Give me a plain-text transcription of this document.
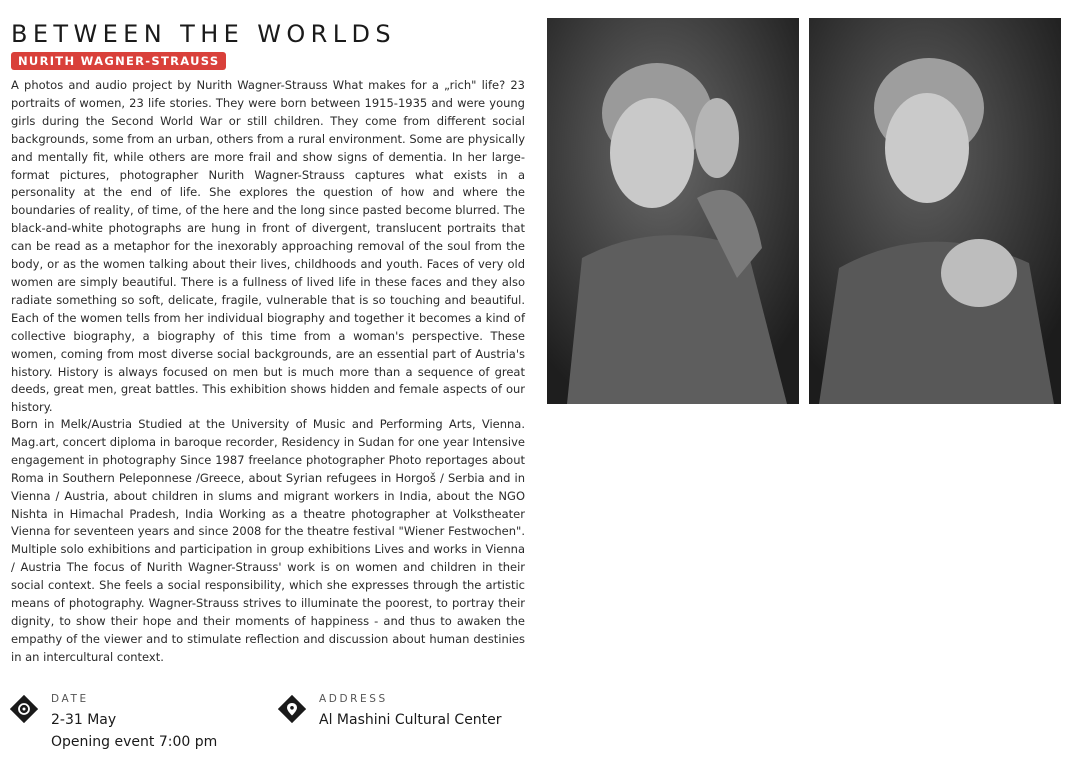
BETWEEN THE WORLDS
NURITH WAGNER-STRAUSS

A photos and audio project by Nurith Wagner-Strauss What makes for a „rich" life? 23 portraits of women, 23 life stories. They were born between 1915-1935 and were young girls during the Second World War or still children. They come from different social backgrounds, some from an urban, others from a rural environment. Some are physically and mentally fit, while others are more frail and show signs of dementia. In her large-format pictures, photographer Nurith Wagner-Strauss captures what exists in a personality at the end of life. She explores the question of how and where the boundaries of reality, of time, of the here and the long since pasted become blurred. The black-and-white photographs are hung in front of divergent, translucent portraits that can be read as a metaphor for the inexorably approaching removal of the soul from the body, or as the women talking about their lives, childhoods and youth. Faces of very old women are simply beautiful. There is a fullness of lived life in these faces and they also radiate something so soft, delicate, fragile, vulnerable that is so touching and beautiful. Each of the women tells from her individual biography and together it becomes a kind of collective biography, a biography of this time from a woman's perspective. These women, coming from most diverse social backgrounds, are an essential part of Austria's history. History is always focused on men but is much more than a sequence of great deeds, great men, great battles. This exhibition shows hidden and female aspects of our history.

Born in Melk/Austria Studied at the University of Music and Performing Arts, Vienna. Mag.art, concert diploma in baroque recorder, Residency in Sudan for one year Intensive engagement in photography Since 1987 freelance photographer Photo reportages about Roma in Southern Peleponnese /Greece, about Syrian refugees in Horgoš / Serbia and in Vienna / Austria, about children in slums and migrant workers in India, about the NGO Nishta in Himachal Pradesh, India Working as a theatre photographer at Volkstheater Vienna for seventeen years and since 2008 for the theatre festival "Wiener Festwochen". Multiple solo exhibitions and participation in group exhibitions Lives and works in Vienna / Austria The focus of Nurith Wagner-Strauss' work is on women and children in their social context. She feels a social responsibility, which she expresses through the artistic means of photography. Wagner-Strauss strives to illuminate the poorest, to portray their dignity, to show their hope and their moments of happiness - and thus to awaken the empathy of the viewer and to stimulate reflection and discussion about human destinies in an intercultural context.

DATE
2-31 May
Opening event 7:00 pm
ADDRESS
Al Mashini Cultural Center
